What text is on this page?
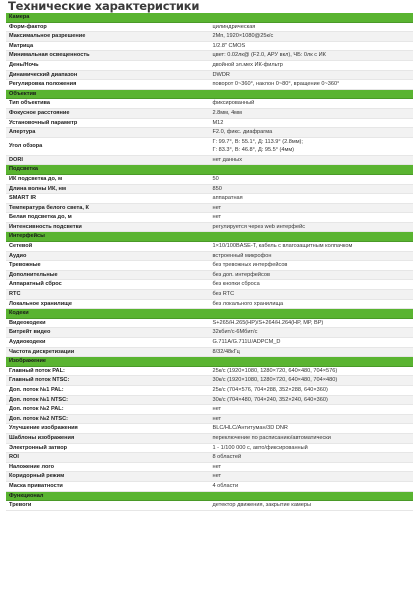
Технические характеристики
Камера	
Форм-фактор	цилиндрическая

Максимальное разрешение	2Мп, 1920×1080@25к/с

Матрица	1/2.8" CMOS

Минимальная освещенность	цвет: 0.02лк@ (F2.0, АРУ вкл), ЧБ: 0лк с ИК

День/Ночь	двойной эл.мех ИК-фильтр

Динамический диапазон	DWDR

Регулировка положения	поворот 0~360°, наклон 0~80°, вращение 0~360°

Объектив	
Тип объектива	фиксированный

Фокусное расстояние	2.8мм, 4мм

Установочный параметр	M12

Апертура	F2.0, фикс. диафрагма

Угол обзора	Г: 99.7°, В: 55.1°, Д: 113.9° (2.8мм);
Г: 83.3°, В: 46.8°, Д: 95.5° (4мм)

DORI	нет данных

Подсветка	
ИК подсветка до, м	50

Длина волны ИК, нм	850

SMART IR	аппаратная

Температура белого света, К	нет

Белая подсветка до, м	нет

Интенсивность подсветки	регулируется через web интерфейс

Интерфейсы	
Сетевой	1×10/100BASE-T, кабель с влагозащитным колпачком

Аудио	встроенный микрофон

Тревожные	без тревожных интерфейсов

Дополнительные	без доп. интерфейсов

Аппаратный сброс	без кнопки сброса

RTC	без RTC

Локальное хранилище	без локального хранилища

Кодеки	
Видеокодеки	S+265/H.265(HP)/S+264/H.264(HP, MP, BP)

Битрейт видео	32кбит/с-6Мбит/с

Аудиокодеки	G.711A/G.711U/ADPCM_D

Частота дискретизации	8/32/48кГц

Изображение	
Главный поток PAL:	25к/с (1920×1080, 1280×720, 640×480, 704×576)

Главный поток NTSC:	30к/с (1920×1080, 1280×720, 640×480, 704×480)

Доп. поток №1 PAL:	25к/с (704×576, 704×288, 352×288, 640×360)

Доп. поток №1 NTSC:	30к/с (704×480, 704×240, 352×240, 640×360)

Доп. поток №2 PAL:	нет

Доп. поток №2 NTSC:	нет

Улучшение изображения	BLC/HLC/Антитуман/3D DNR

Шаблоны изображения	переключение по расписанию/автоматически

Электронный затвор	1 - 1/100 000 с, авто/фиксированный

ROI	8 областей

Наложение лого	нет

Коридорный режим	нет

Маска приватности	4 области

Функционал	
Тревоги	детектор движения, закрытие камеры
